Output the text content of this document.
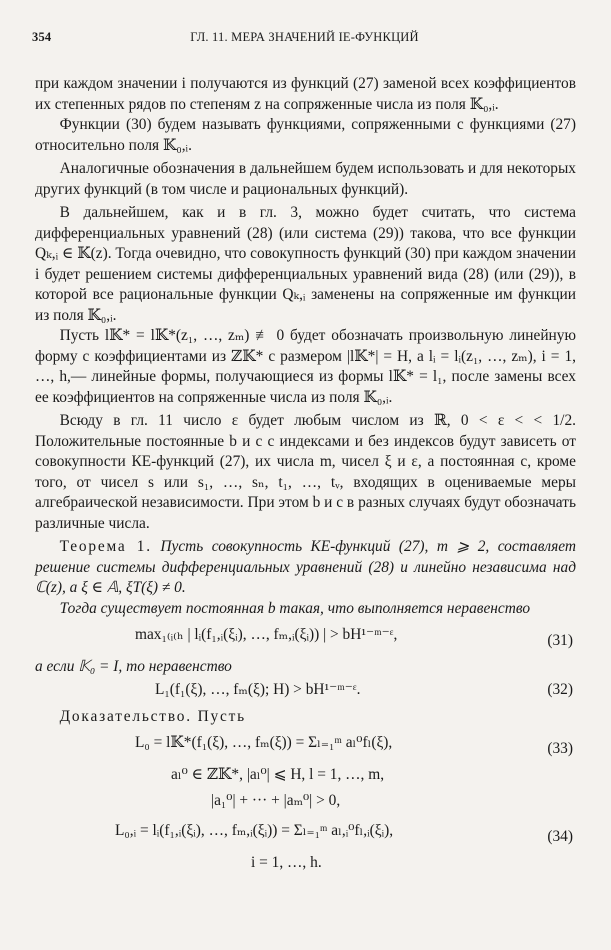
354	ГЛ. 11. МЕРА ЗНАЧЕНИЙ IE-ФУНКЦИЙ

при каждом значении i получаются из функций (27) заменой всех коэффициентов их степенных рядов по степеням z на сопряженные числа из поля 𝕂₀,ᵢ.

Функции (30) будем называть функциями, сопряженными с функциями (27) относительно поля 𝕂₀,ᵢ.

Аналогичные обозначения в дальнейшем будем использовать и для некоторых других функций (в том числе и рациональных функций).

В дальнейшем, как и в гл. 3, можно будет считать, что система дифференциальных уравнений (28) (или система (29)) такова, что все функции Qₖ,ᵢ ∈ 𝕂(z). Тогда очевидно, что совокупность функций (30) при каждом значении i будет решением системы дифференциальных уравнений вида (28) (или (29)), в которой все рациональные функции Qₖ,ᵢ заменены на сопряженные им функции из поля 𝕂₀,ᵢ.

Пусть l𝕂* = l𝕂*(z₁, …, zₘ) ≢ 0 будет обозначать произвольную линейную форму с коэффициентами из ℤ𝕂* с размером |l𝕂*| = H, а lᵢ = lᵢ(z₁, …, zₘ), i = 1, …, h,— линейные формы, получающиеся из формы l𝕂* = l₁, после замены всех ее коэффициентов на сопряженные числа из поля 𝕂₀,ᵢ.

Всюду в гл. 11 число ε будет любым числом из ℝ, 0 < ε < < 1/2. Положительные постоянные b и c с индексами и без индексов будут зависеть от совокупности КЕ-функций (27), их числа m, чисел ξ и ε, а постоянная c, кроме того, от чисел s или s₁, …, sₙ, t₁, …, tᵥ, входящих в оцениваемые меры алгебраической независимости. При этом b и c в разных случаях будут обозначать различные числа.

Теорема 1. Пусть совокупность КЕ-функций (27), m ⩾ 2, составляет решение системы дифференциальных уравнений (28) и линейно независима над ℂ(z), а ξ ∈ 𝔸, ξT(ξ) ≠ 0.

Тогда существует постоянная b такая, что выполняется неравенство

max₁₍ᵢ₍ₕ | lᵢ(f₁,ᵢ(ξᵢ), …, fₘ,ᵢ(ξᵢ)) | > bH¹⁻ᵐ⁻ᵋ,	(31)

а если 𝕂₀ = I, то неравенство

L₁(f₁(ξ), …, fₘ(ξ); H) > bH¹⁻ᵐ⁻ᵋ.	(32)

Доказательство. Пусть

L₀ = l𝕂*(f₁(ξ), …, fₘ(ξ)) = Σₗ₌₁ᵐ aₗ⁰fₗ(ξ),	(33)
aₗ⁰ ∈ ℤ𝕂*, |aₗ⁰| ⩽ H, l = 1, …, m,
|a₁⁰| + ··· + |aₘ⁰| > 0,
L₀,ᵢ = lᵢ(f₁,ᵢ(ξᵢ), …, fₘ,ᵢ(ξᵢ)) = Σₗ₌₁ᵐ aₗ,ᵢ⁰fₗ,ᵢ(ξᵢ),	(34)
i = 1, …, h.
